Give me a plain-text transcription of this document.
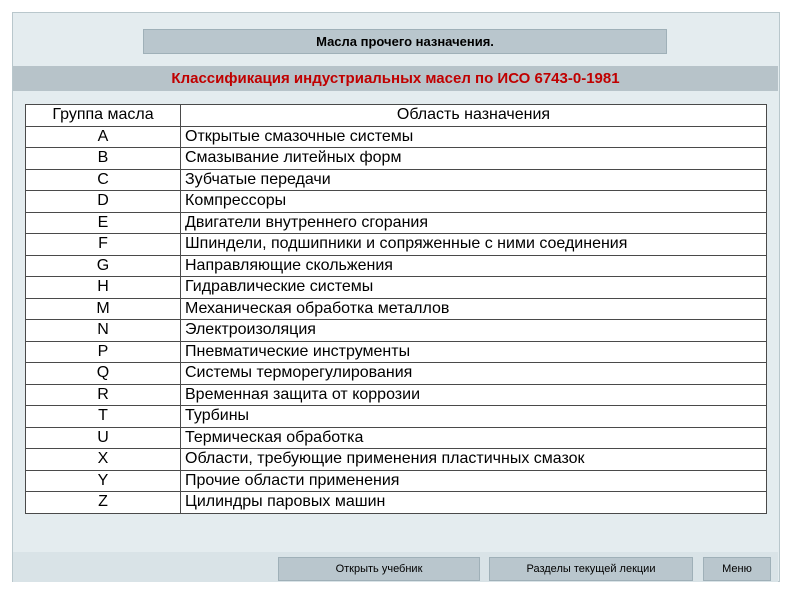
Масла прочего назначения.
Классификация индустриальных масел по ИСО 6743-0-1981
Группа масла	Область назначения
A	Открытые смазочные системы
B	Смазывание литейных форм
C	Зубчатые передачи
D	Компрессоры
E	Двигатели внутреннего сгорания
F	Шпиндели, подшипники и сопряженные с ними соединения
G	Направляющие скольжения
H	Гидравлические системы
M	Механическая обработка металлов
N	Электроизоляция
P	Пневматические инструменты
Q	Системы терморегулирования
R	Временная защита от коррозии
T	Турбины
U	Термическая обработка
X	Области, требующие применения пластичных смазок
Y	Прочие области применения
Z	Цилиндры паровых машин
Открыть учебник	Разделы текущей лекции	Меню
